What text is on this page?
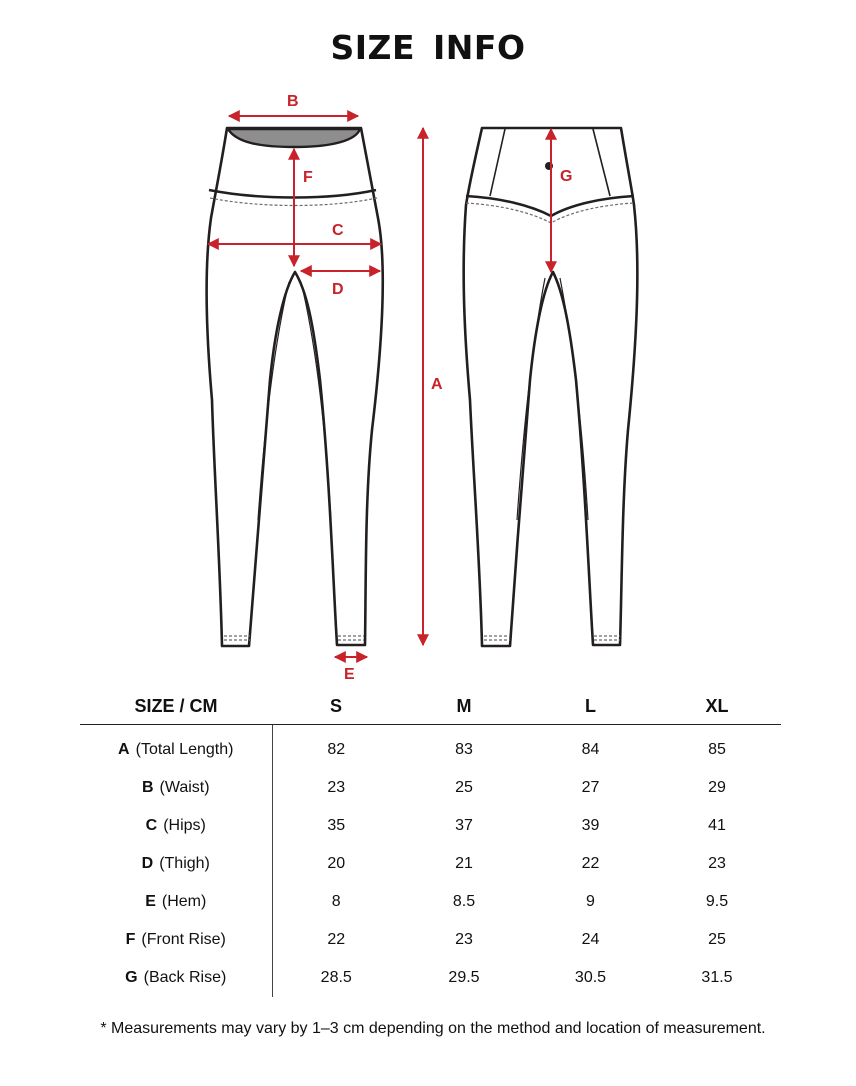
SIZE INFO
B
F
C
D
A
E
G
SIZE / CM	S	M	L	XL
A (Total Length)	82	83	84	85
B (Waist)	23	25	27	29
C (Hips)	35	37	39	41
D (Thigh)	20	21	22	23
E (Hem)	8	8.5	9	9.5
F (Front Rise)	22	23	24	25
G (Back Rise)	28.5	29.5	30.5	31.5
* Measurements may vary by 1–3 cm depending on the method and location of measurement.
